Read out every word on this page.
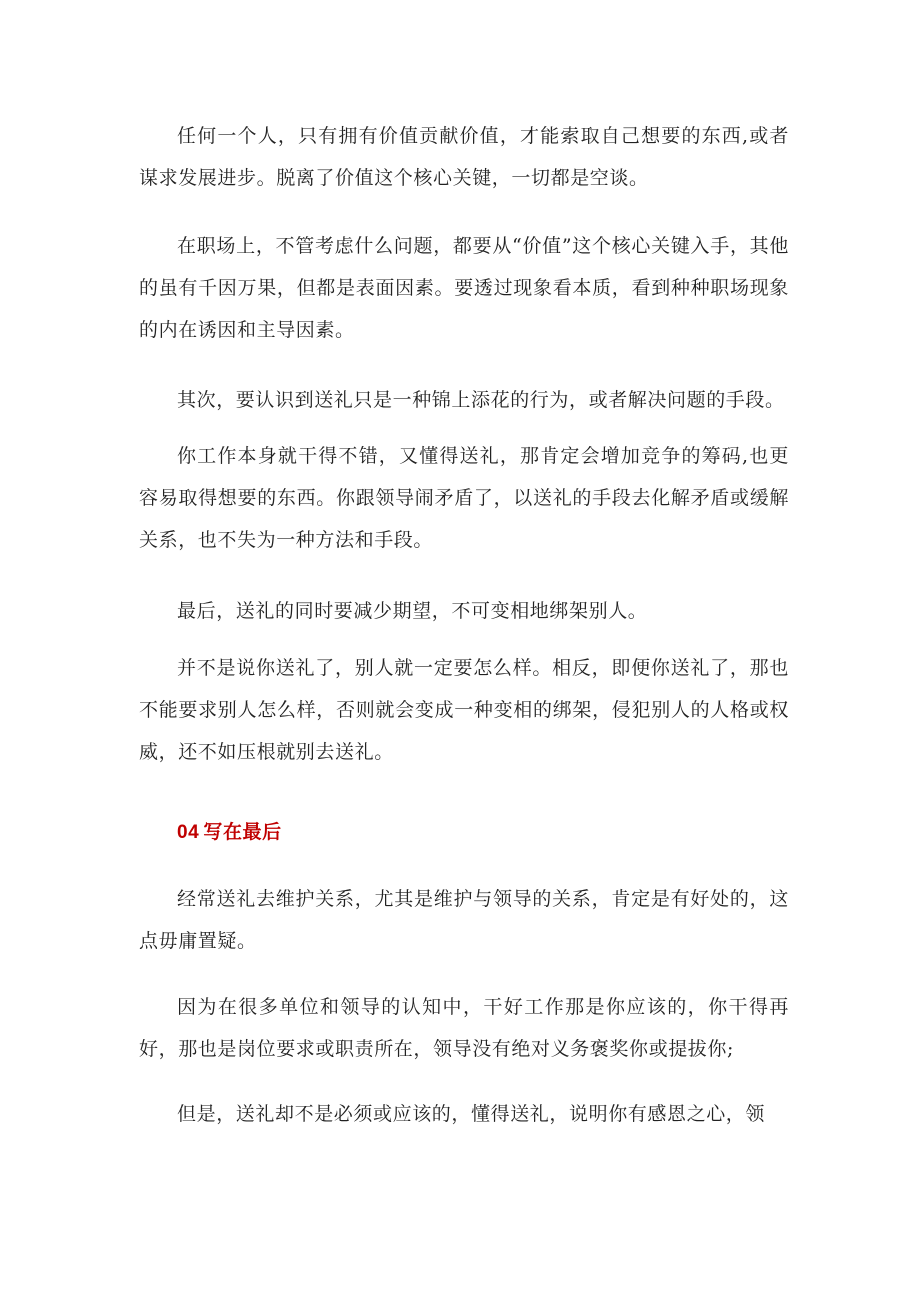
任何一个人，只有拥有价值贡献价值，才能索取自己想要的东西,或者谋求发展进步。脱离了价值这个核心关键，一切都是空谈。

在职场上，不管考虑什么问题，都要从“价值”这个核心关键入手，其他的虽有千因万果，但都是表面因素。要透过现象看本质，看到种种职场现象的内在诱因和主导因素。

其次，要认识到送礼只是一种锦上添花的行为，或者解决问题的手段。

你工作本身就干得不错，又懂得送礼，那肯定会增加竞争的筹码,也更容易取得想要的东西。你跟领导闹矛盾了，以送礼的手段去化解矛盾或缓解关系，也不失为一种方法和手段。

最后，送礼的同时要减少期望，不可变相地绑架别人。

并不是说你送礼了，别人就一定要怎么样。相反，即便你送礼了，那也不能要求别人怎么样，否则就会变成一种变相的绑架，侵犯别人的人格或权威，还不如压根就别去送礼。

04 写在最后

经常送礼去维护关系，尤其是维护与领导的关系，肯定是有好处的，这点毋庸置疑。

因为在很多单位和领导的认知中，干好工作那是你应该的，你干得再好，那也是岗位要求或职责所在，领导没有绝对义务褒奖你或提拔你;

但是，送礼却不是必须或应该的，懂得送礼，说明你有感恩之心，领
